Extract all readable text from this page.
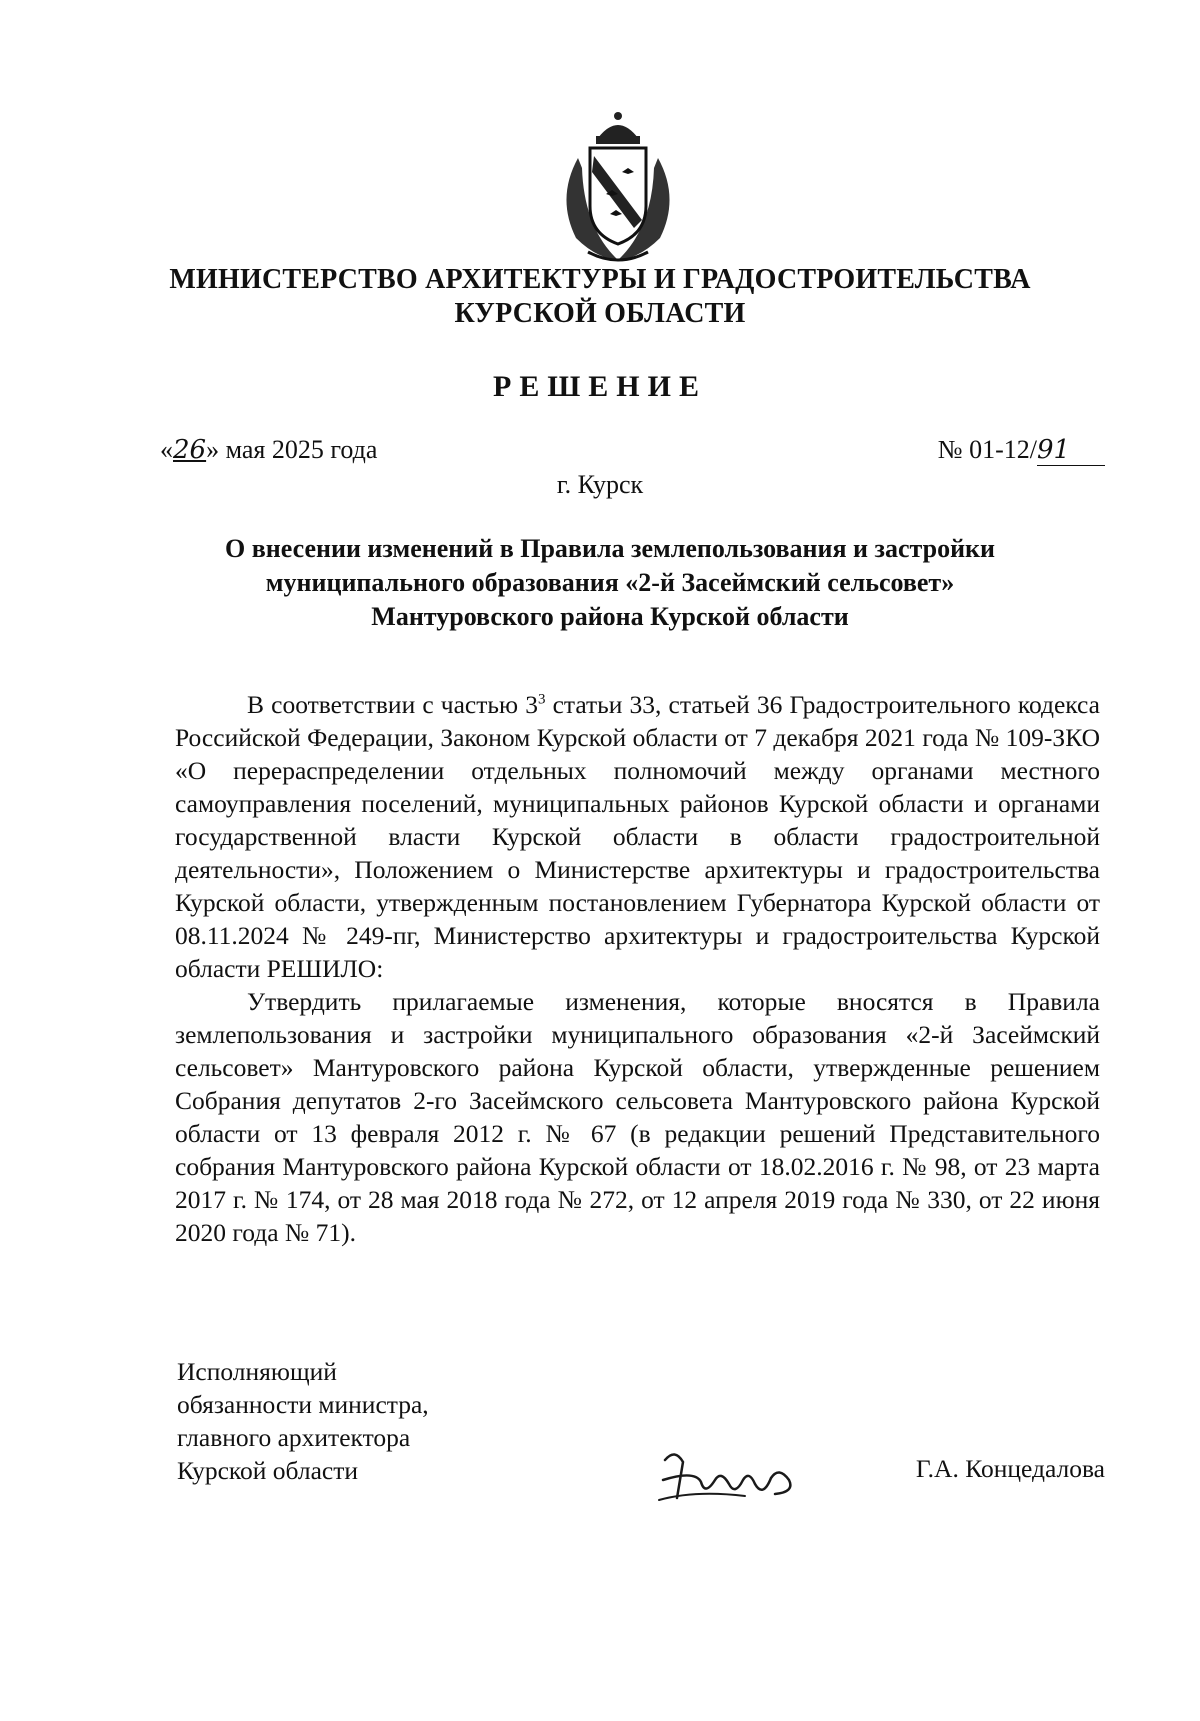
МИНИСТЕРСТВО АРХИТЕКТУРЫ И ГРАДОСТРОИТЕЛЬСТВА
КУРСКОЙ ОБЛАСТИ
РЕШЕНИЕ
«26» мая 2025 года	№ 01-12/91
г. Курск
О внесении изменений в Правила землепользования и застройки
муниципального образования «2-й Засеймский сельсовет»
Мантуровского района Курской области

В соответствии с частью $3^3$ статьи 33, статьей 36 Градостроительного кодекса Российской Федерации, Законом Курской области от 7 декабря 2021 года № 109-ЗКО «О перераспределении отдельных полномочий между органами местного самоуправления поселений, муниципальных районов Курской области и органами государственной власти Курской области в области градостроительной деятельности», Положением о Министерстве архитектуры и градостроительства Курской области, утвержденным постановлением Губернатора Курской области от 08.11.2024 № 249-пг, Министерство архитектуры и градостроительства Курской области РЕШИЛО:

Утвердить прилагаемые изменения, которые вносятся в Правила землепользования и застройки муниципального образования «2-й Засеймский сельсовет» Мантуровского района Курской области, утвержденные решением Собрания депутатов 2-го Засеймского сельсовета Мантуровского района Курской области от 13 февраля 2012 г. № 67 (в редакции решений Представительного собрания Мантуровского района Курской области от 18.02.2016 г. № 98, от 23 марта 2017 г. № 174, от 28 мая 2018 года № 272, от 12 апреля 2019 года № 330, от 22 июня 2020 года № 71).

Исполняющий
обязанности министра,
главного архитектора
Курской области	Г.А. Концедалова
